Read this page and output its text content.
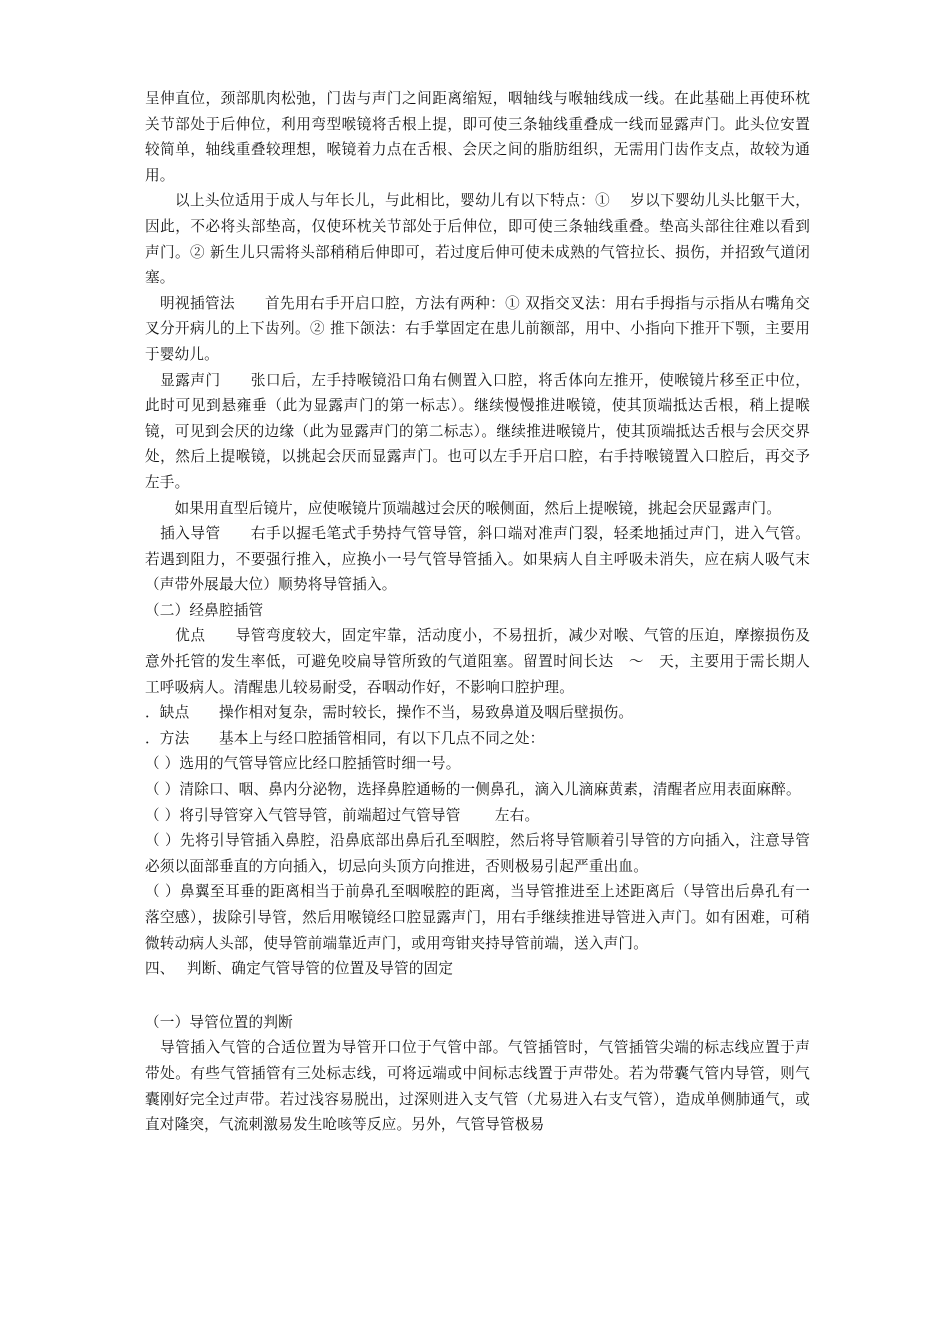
呈伸直位，颈部肌肉松弛，门齿与声门之间距离缩短，咽轴线与喉轴线成一线。在此基础上再使环枕关节部处于后伸位，利用弯型喉镜将舌根上提，即可使三条轴线重叠成一线而显露声门。此头位安置较简单，轴线重叠较理想，喉镜着力点在舌根、会厌之间的脂肪组织，无需用门齿作支点，故较为通用。

　　以上头位适用于成人与年长儿，与此相比，婴幼儿有以下特点：①　 岁以下婴幼儿头比躯干大，因此，不必将头部垫高，仅使环枕关节部处于后伸位，即可使三条轴线重叠。垫高头部往往难以看到声门。② 新生儿只需将头部稍稍后伸即可，若过度后伸可使未成熟的气管拉长、损伤，并招致气道闭塞。

　明视插管法　　首先用右手开启口腔，方法有两种：① 双指交叉法：用右手拇指与示指从右嘴角交叉分开病儿的上下齿列。② 推下颌法：右手掌固定在患儿前额部，用中、小指向下推开下颚，主要用于婴幼儿。

　显露声门　　张口后，左手持喉镜沿口角右侧置入口腔，将舌体向左推开，使喉镜片移至正中位，此时可见到悬雍垂（此为显露声门的第一标志）。继续慢慢推进喉镜，使其顶端抵达舌根，稍上提喉镜，可见到会厌的边缘（此为显露声门的第二标志）。继续推进喉镜片，使其顶端抵达舌根与会厌交界处，然后上提喉镜，以挑起会厌而显露声门。也可以左手开启口腔，右手持喉镜置入口腔后，再交予左手。

　　如果用直型后镜片，应使喉镜片顶端越过会厌的喉侧面，然后上提喉镜，挑起会厌显露声门。

　插入导管　　右手以握毛笔式手势持气管导管，斜口端对准声门裂，轻柔地插过声门，进入气管。若遇到阻力，不要强行推入，应换小一号气管导管插入。如果病人自主呼吸未消失，应在病人吸气末（声带外展最大位）顺势将导管插入。

（二）经鼻腔插管

　　优点　　导管弯度较大，固定牢靠，活动度小，不易扭折，减少对喉、气管的压迫，摩擦损伤及意外托管的发生率低，可避免咬扁导管所致的气道阻塞。留置时间长达　～　天，主要用于需长期人工呼吸病人。清醒患儿较易耐受，吞咽动作好，不影响口腔护理。

．缺点　　操作相对复杂，需时较长，操作不当，易致鼻道及咽后壁损伤。

．方法　　基本上与经口腔插管相同，有以下几点不同之处：

（ ）选用的气管导管应比经口腔插管时细一号。

（ ）清除口、咽、鼻内分泌物，选择鼻腔通畅的一侧鼻孔，滴入儿滴麻黄素，清醒者应用表面麻醉。

（ ）将引导管穿入气管导管，前端超过气管导管　　 左右。

（ ）先将引导管插入鼻腔，沿鼻底部出鼻后孔至咽腔，然后将导管顺着引导管的方向插入，注意导管必须以面部垂直的方向插入，切忌向头顶方向推进，否则极易引起严重出血。

（ ）鼻翼至耳垂的距离相当于前鼻孔至咽喉腔的距离，当导管推进至上述距离后（导管出后鼻孔有一落空感），拔除引导管，然后用喉镜经口腔显露声门，用右手继续推进导管进入声门。如有困难，可稍微转动病人头部，使导管前端靠近声门，或用弯钳夹持导管前端，送入声门。

四、　 判断、确定气管导管的位置及导管的固定

（一）导管位置的判断

　导管插入气管的合适位置为导管开口位于气管中部。气管插管时，气管插管尖端的标志线应置于声带处。有些气管插管有三处标志线，可将远端或中间标志线置于声带处。若为带囊气管内导管，则气囊刚好完全过声带。若过浅容易脱出，过深则进入支气管（尤易进入右支气管），造成单侧肺通气，或直对隆突，气流刺激易发生呛咳等反应。另外，气管导管极易
